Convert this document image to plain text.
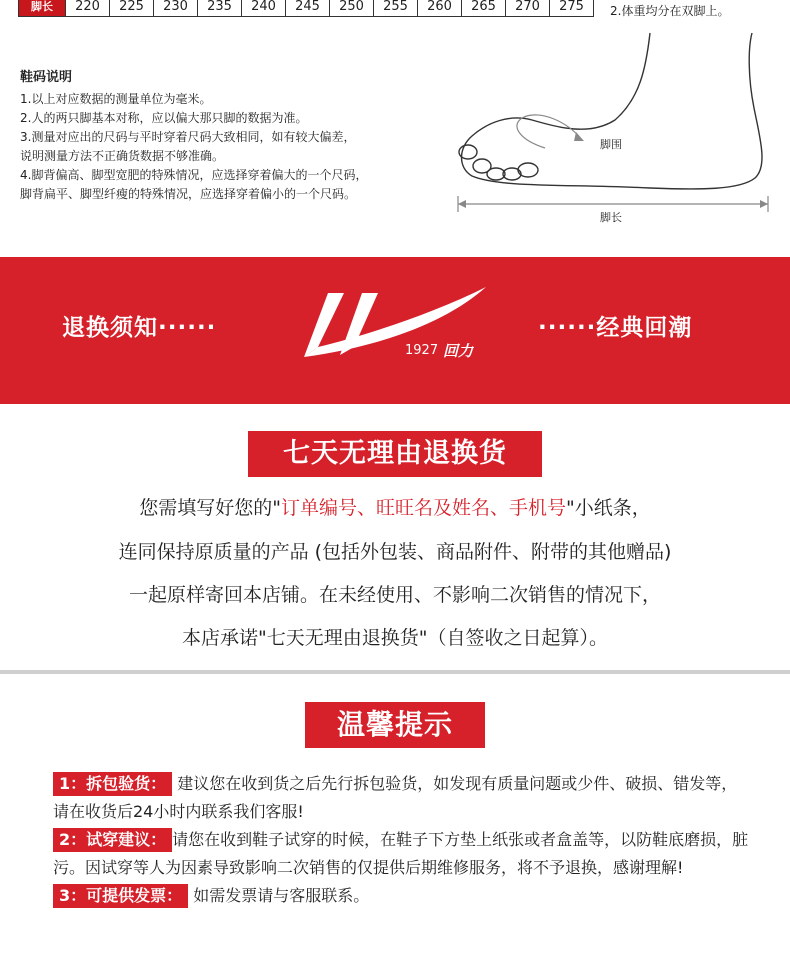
脚长	220	225	230	235	240	245	250	255	260	265	270	275	2.体重均分在双脚上。
鞋码说明
1.以上对应数据的测量单位为毫米。
2.人的两只脚基本对称，应以偏大那只脚的数据为准。
3.测量对应出的尺码与平时穿着尺码大致相同，如有较大偏差，
说明测量方法不正确货数据不够准确。
4.脚背偏高、脚型宽肥的特殊情况，应选择穿着偏大的一个尺码，
脚背扁平、脚型纤瘦的特殊情况，应选择穿着偏小的一个尺码。
脚围
脚长
退换须知······
1927 回力
······经典回潮
七天无理由退换货
您需填写好您的"订单编号、旺旺名及姓名、手机号"小纸条，
连同保持原质量的产品 (包括外包装、商品附件、附带的其他赠品)
一起原样寄回本店铺。在未经使用、不影响二次销售的情况下，
本店承诺"七天无理由退换货"（自签收之日起算）。
温馨提示
1：拆包验货： 建议您在收到货之后先行拆包验货，如发现有质量问题或少件、破损、错发等，请在收货后24小时内联系我们客服!
2：试穿建议： 请您在收到鞋子试穿的时候，在鞋子下方垫上纸张或者盒盖等，以防鞋底磨损，脏污。因试穿等人为因素导致影响二次销售的仅提供后期维修服务，将不予退换，感谢理解!
3：可提供发票： 如需发票请与客服联系。
